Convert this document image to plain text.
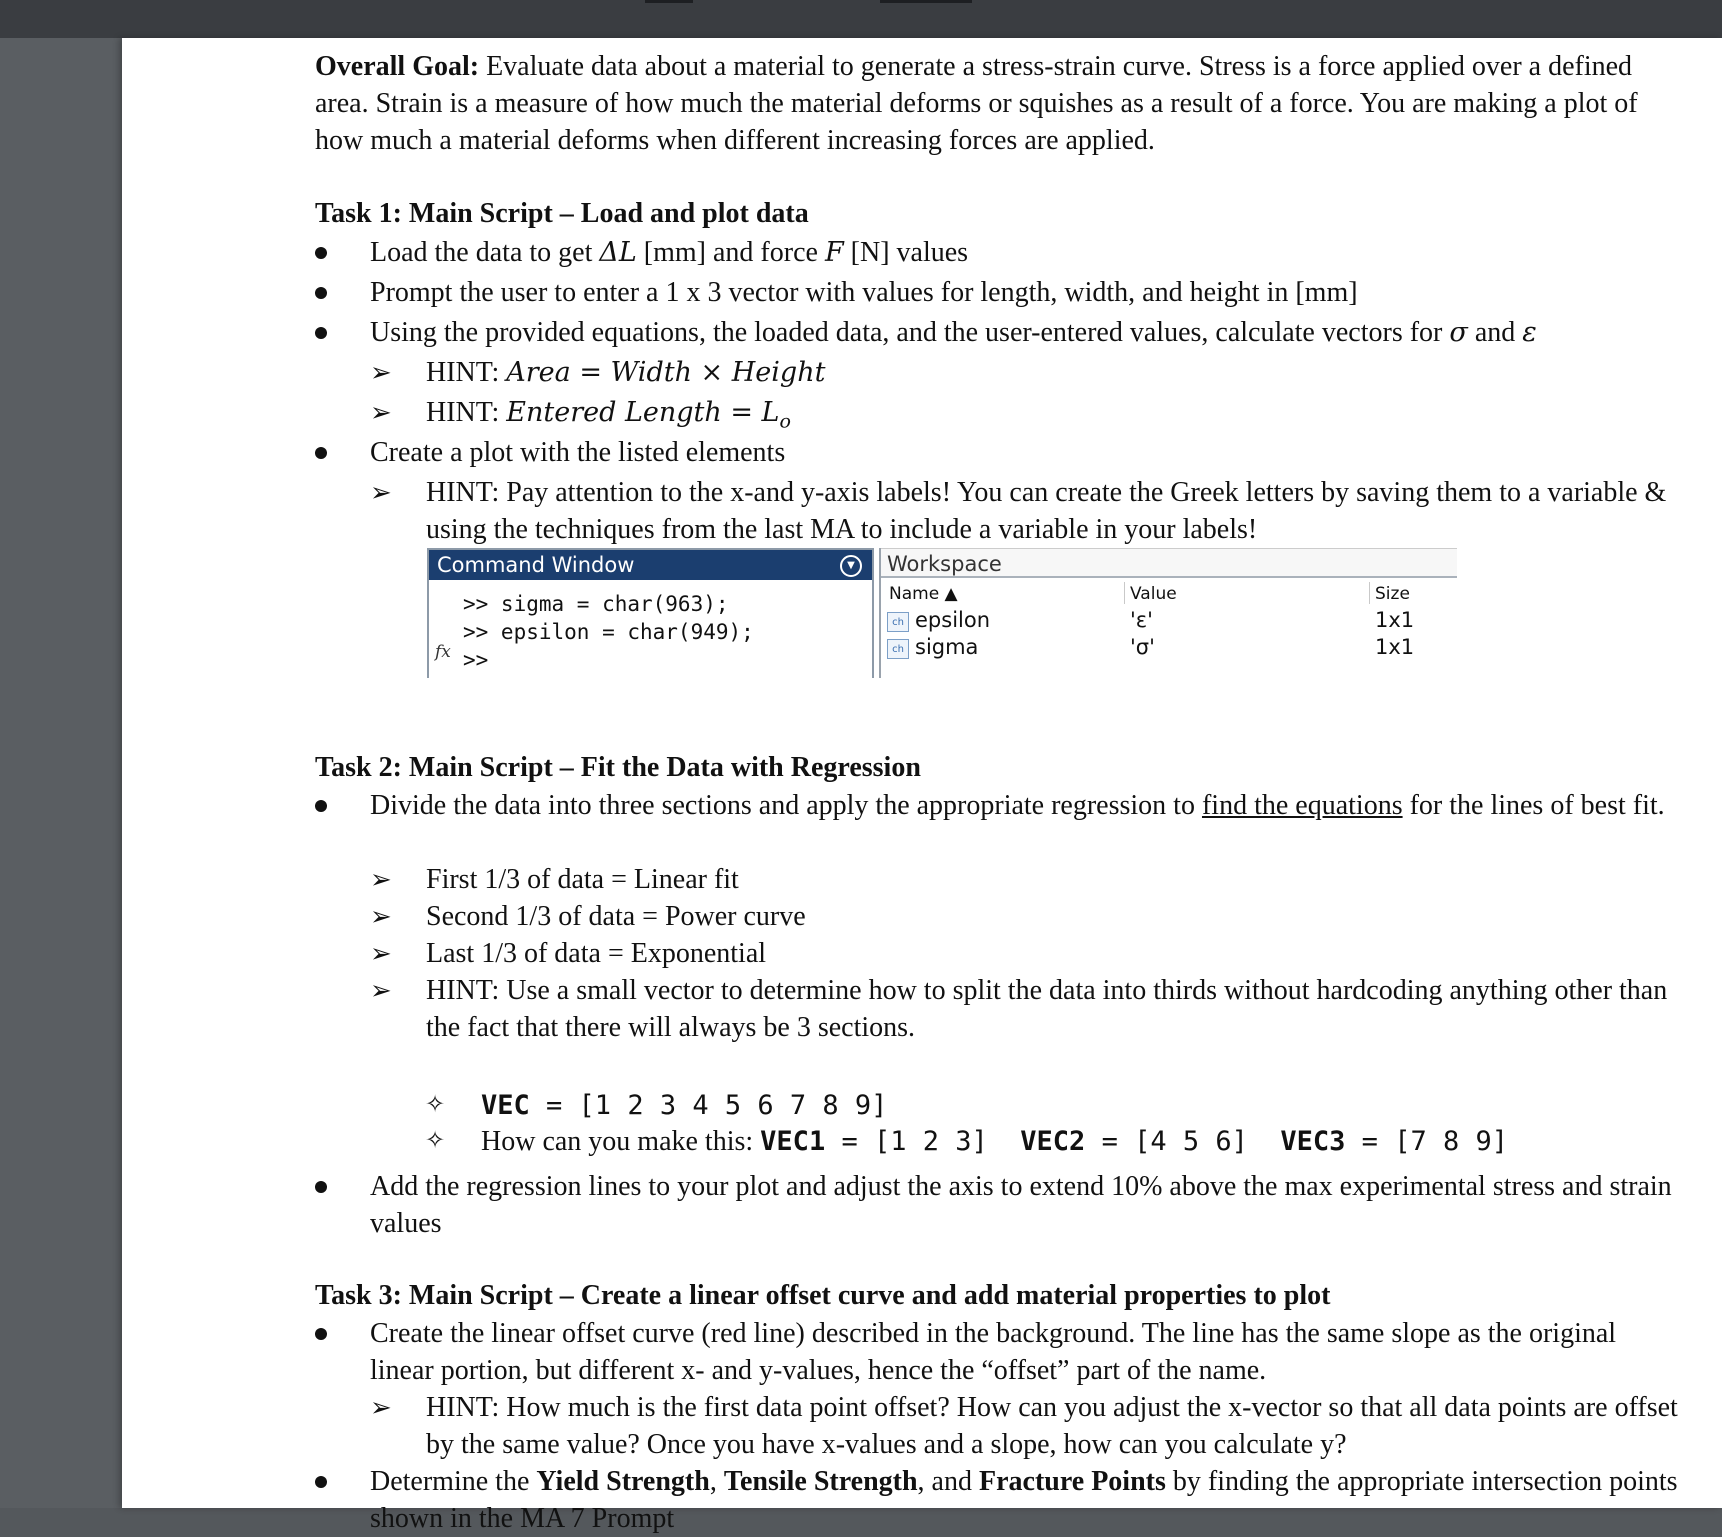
Overall Goal: Evaluate data about a material to generate a stress-strain curve. Stress is a force applied over a defined area. Strain is a measure of how much the material deforms or squishes as a result of a force. You are making a plot of how much a material deforms when different increasing forces are applied.
Task 1: Main Script – Load and plot data
Load the data to get ΔL [mm] and force F [N] values
Prompt the user to enter a 1 x 3 vector with values for length, width, and height in [mm]
Using the provided equations, the loaded data, and the user-entered values, calculate vectors for σ and ε
➢ HINT: Area = Width × Height
➢ HINT: Entered Length = $L_o$
Create a plot with the listed elements
➢ HINT: Pay attention to the x-and y-axis labels! You can create the Greek letters by saving them to a variable & using the techniques from the last MA to include a variable in your labels!
Task 2: Main Script – Fit the Data with Regression
Divide the data into three sections and apply the appropriate regression to find the equations for the lines of best fit.
➢ First 1/3 of data = Linear fit
➢ Second 1/3 of data = Power curve
➢ Last 1/3 of data = Exponential
➢ HINT: Use a small vector to determine how to split the data into thirds without hardcoding anything other than the fact that there will always be 3 sections.
✧ VEC = [1 2 3 4 5 6 7 8 9]
✧ How can you make this: VEC1 = [1 2 3]  VEC2 = [4 5 6]  VEC3 = [7 8 9]
Add the regression lines to your plot and adjust the axis to extend 10% above the max experimental stress and strain values
Task 3: Main Script – Create a linear offset curve and add material properties to plot
Create the linear offset curve (red line) described in the background. The line has the same slope as the original linear portion, but different x- and y-values, hence the “offset” part of the name.
➢ HINT: How much is the first data point offset? How can you adjust the x-vector so that all data points are offset by the same value? Once you have x-values and a slope, how can you calculate y?
Determine the Yield Strength, Tensile Strength, and Fracture Points by finding the appropriate intersection points shown in the MA 7 Prompt
Command Window	▼
>> sigma = char(963);
>> epsilon = char(949);
fx >>
Workspace
Name ▲	Value	Size
ch epsilon	'ε'	1x1
ch sigma	'σ'	1x1
